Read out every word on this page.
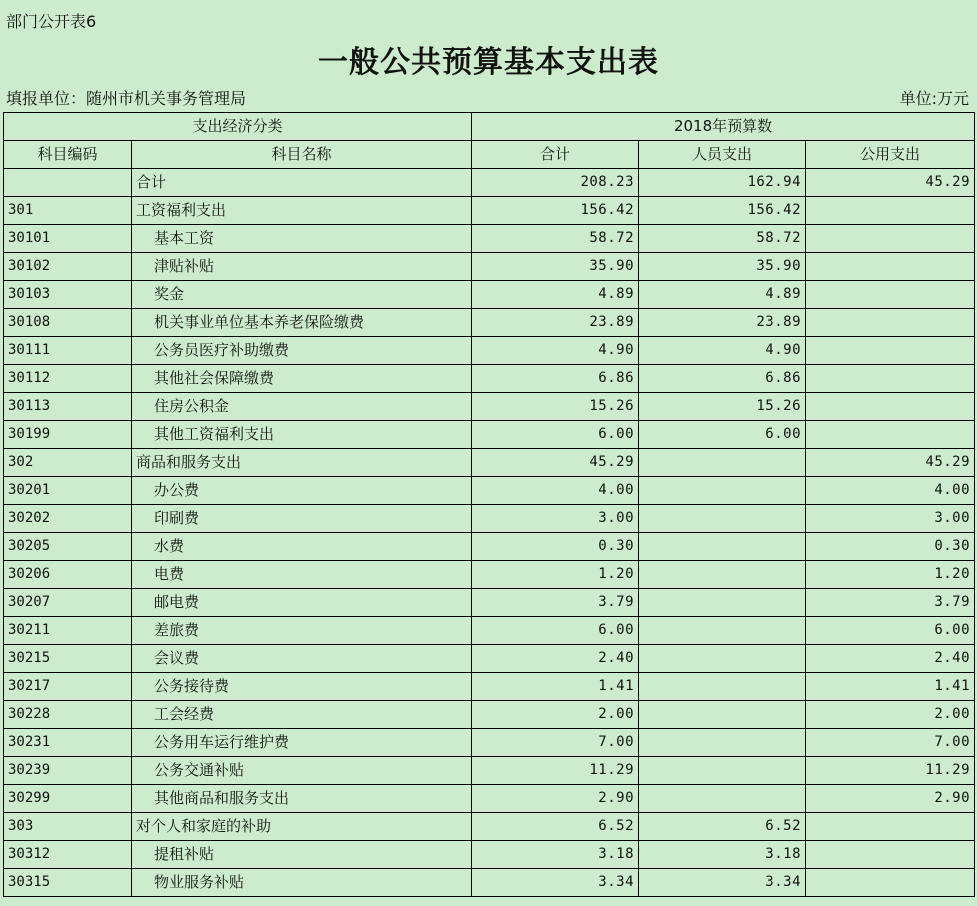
部门公开表6
一般公共预算基本支出表
填报单位：随州市机关事务管理局	单位:万元
支出经济分类		2018年预算数		
科目编码	科目名称	合计	人员支出	公用支出
	合计	208.23	162.94	45.29
301	工资福利支出	156.42	156.42	
30101	基本工资	58.72	58.72	
30102	津贴补贴	35.90	35.90	
30103	奖金	4.89	4.89	
30108	机关事业单位基本养老保险缴费	23.89	23.89	
30111	公务员医疗补助缴费	4.90	4.90	
30112	其他社会保障缴费	6.86	6.86	
30113	住房公积金	15.26	15.26	
30199	其他工资福利支出	6.00	6.00	
302	商品和服务支出	45.29		45.29
30201	办公费	4.00		4.00
30202	印刷费	3.00		3.00
30205	水费	0.30		0.30
30206	电费	1.20		1.20
30207	邮电费	3.79		3.79
30211	差旅费	6.00		6.00
30215	会议费	2.40		2.40
30217	公务接待费	1.41		1.41
30228	工会经费	2.00		2.00
30231	公务用车运行维护费	7.00		7.00
30239	公务交通补贴	11.29		11.29
30299	其他商品和服务支出	2.90		2.90
303	对个人和家庭的补助	6.52	6.52	
30312	提租补贴	3.18	3.18	
30315	物业服务补贴	3.34	3.34	
